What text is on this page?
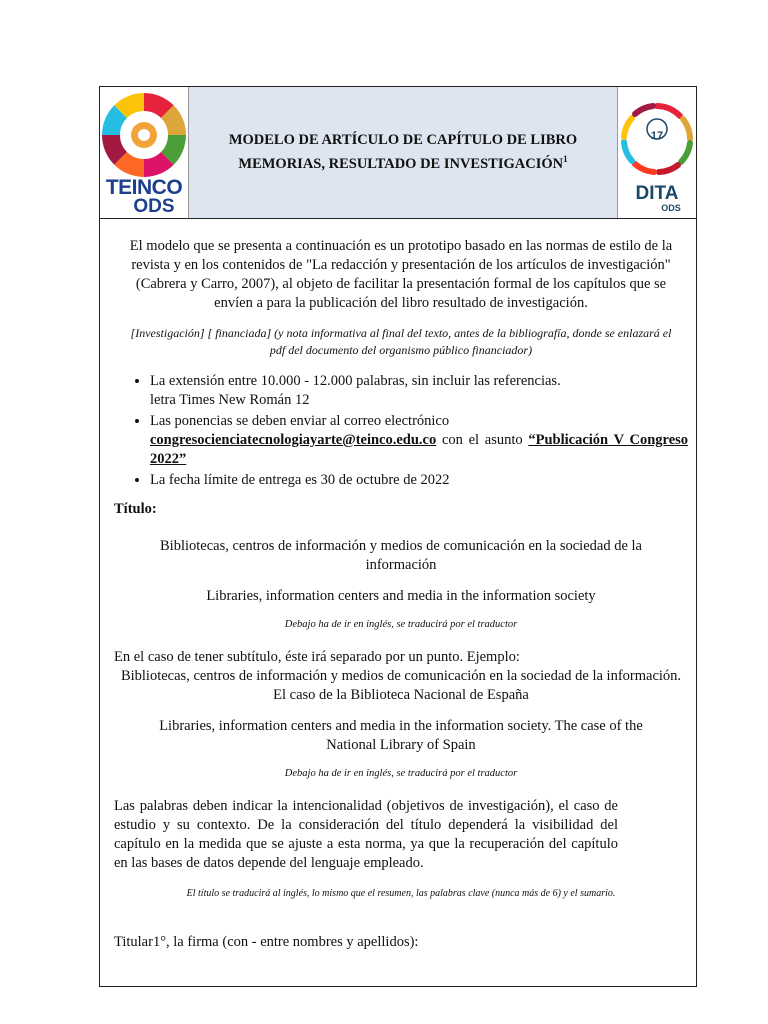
TEINCO
ODS
MODELO DE ARTÍCULO DE CAPÍTULO DE LIBRO
MEMORIAS, RESULTADO DE INVESTIGACIÓN$^1$
17
DITA
ODS
El modelo que se presenta a continuación es un prototipo basado en las normas de estilo de la revista y en los contenidos de "La redacción y presentación de los artículos de investigación" (Cabrera y Carro, 2007), al objeto de facilitar la presentación formal de los capítulos que se envíen a para la publicación del libro resultado de investigación.
[Investigación] [ financiada] (y nota informativa al final del texto, antes de la bibliografía, donde se enlazará el pdf del documento del organismo público financiador)
• La extensión entre 10.000 - 12.000 palabras, sin incluir las referencias.
letra Times New Román 12
• Las ponencias se deben enviar al correo electrónico
congresocienciatecnologiayarte@teinco.edu.co con el asunto “Publicación V Congreso 2022”
• La fecha límite de entrega es 30 de octubre de 2022
Título:
Bibliotecas, centros de información y medios de comunicación en la sociedad de la información
Libraries, information centers and media in the information society
Debajo ha de ir en inglés, se traducirá por el traductor
En el caso de tener subtítulo, éste irá separado por un punto. Ejemplo:
Bibliotecas, centros de información y medios de comunicación en la sociedad de la información. El caso de la Biblioteca Nacional de España
Libraries, information centers and media in the information society. The case of the National Library of Spain
Debajo ha de ir en inglés, se traducirá por el traductor
Las palabras deben indicar la intencionalidad (objetivos de investigación), el caso de estudio y su contexto. De la consideración del título dependerá la visibilidad del capítulo en la medida que se ajuste a esta norma, ya que la recuperación del capítulo en las bases de datos depende del lenguaje empleado.
El título se traducirá al inglés, lo mismo que el resumen, las palabras clave (nunca más de 6) y el sumario.
Titular1°, la firma (con - entre nombres y apellidos):
